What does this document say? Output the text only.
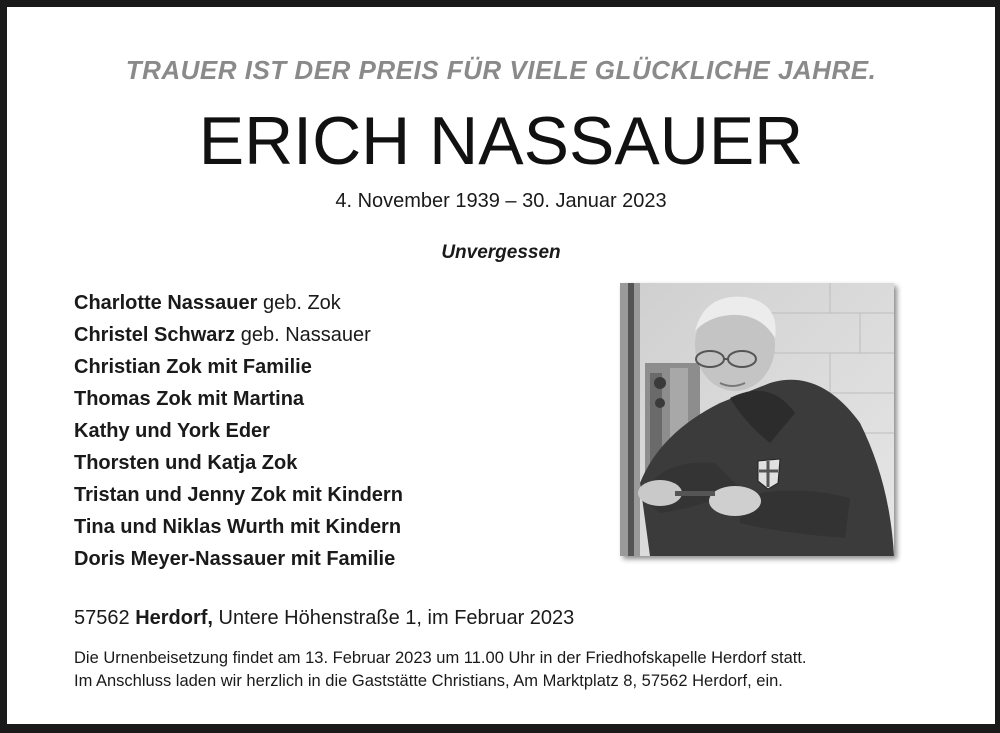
TRAUER IST DER PREIS FÜR VIELE GLÜCKLICHE JAHRE.
ERICH NASSAUER
4. November 1939 – 30. Januar 2023
Unvergessen
Charlotte Nassauer geb. Zok
Christel Schwarz geb. Nassauer
Christian Zok mit Familie
Thomas Zok mit Martina
Kathy und York Eder
Thorsten und Katja Zok
Tristan und Jenny Zok mit Kindern
Tina und Niklas Wurth mit Kindern
Doris Meyer-Nassauer mit Familie
57562 Herdorf, Untere Höhenstraße 1, im Februar 2023
Die Urnenbeisetzung findet am 13. Februar 2023 um 11.00 Uhr in der Friedhofskapelle Herdorf statt.
Im Anschluss laden wir herzlich in die Gaststätte Christians, Am Marktplatz 8, 57562 Herdorf, ein.
